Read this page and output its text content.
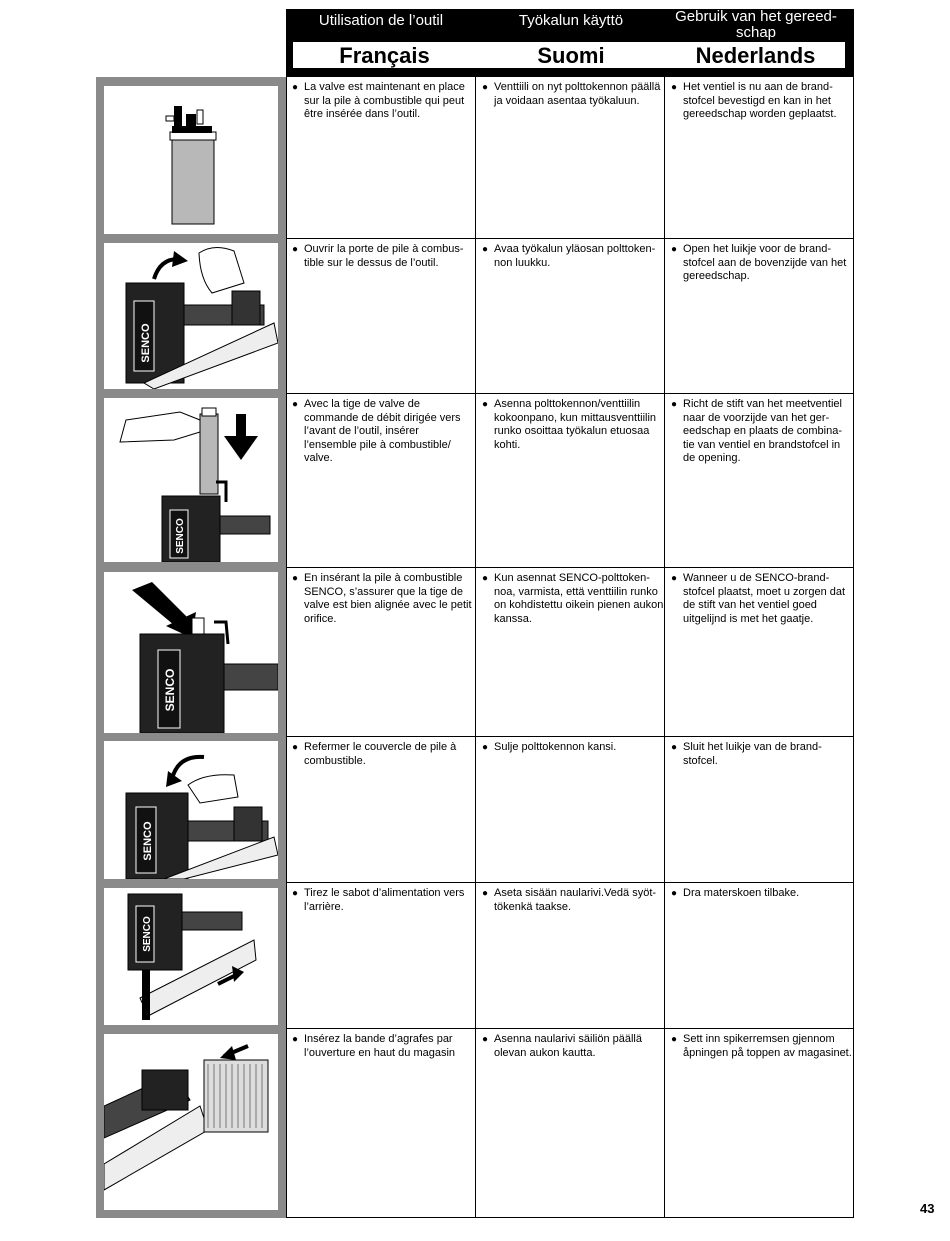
Utilisation de l’outil	Työkalun käyttö	Gebruik van het gereed-schap
Français	Suomi	Nederlands
SENCO
SENCO
SENCO
SENCO
SENCO
● La valve est maintenant en place sur la pile à combustible qui peut être insérée dans l’outil.
● Venttiili on nyt polttokennon päällä ja voidaan asentaa työkaluun.
● Het ventiel is nu aan de brand-stofcel bevestigd en kan in het gereedschap worden geplaatst.
● Ouvrir la porte de pile à combus-tible sur le dessus de l’outil.
● Avaa työkalun yläosan polttoken-non luukku.
● Open het luikje voor de brand-stofcel aan de bovenzijde van het gereedschap.
● Avec la tige de valve de commande de débit dirigée vers l’avant de l’outil, insérer l’ensemble pile à combustible/ valve.
● Asenna polttokennon/venttiilin kokoonpano, kun mittausventtiilin runko osoittaa työkalun etuosaa kohti.
● Richt de stift van het meetventiel naar de voorzijde van het ger-eedschap en plaats de combina-tie van ventiel en brandstofcel in de opening.
● En insérant la pile à combustible SENCO, s’assurer que la tige de valve est bien alignée avec le petit orifice.
● Kun asennat SENCO-polttoken-noa, varmista, että venttiilin runko on kohdistettu oikein pienen aukon kanssa.
● Wanneer u de SENCO-brand-stofcel plaatst, moet u zorgen dat de stift van het ventiel goed uitgelijnd is met het gaatje.
● Refermer le couvercle de pile à combustible.
● Sulje polttokennon kansi.
●	Sluit het luikje van de brand-stofcel.
● Tirez le sabot d’alimentation vers l’arrière.
● Aseta sisään naularivi.Vedä syöt-tökenkä taakse.
● Dra materskoen tilbake.
● Insérez la bande d’agrafes par l’ouverture en haut du magasin
● Asenna naularivi säiliön päällä olevan aukon kautta.
● Sett inn spikerremsen gjennom åpningen på toppen av magasinet.
43
